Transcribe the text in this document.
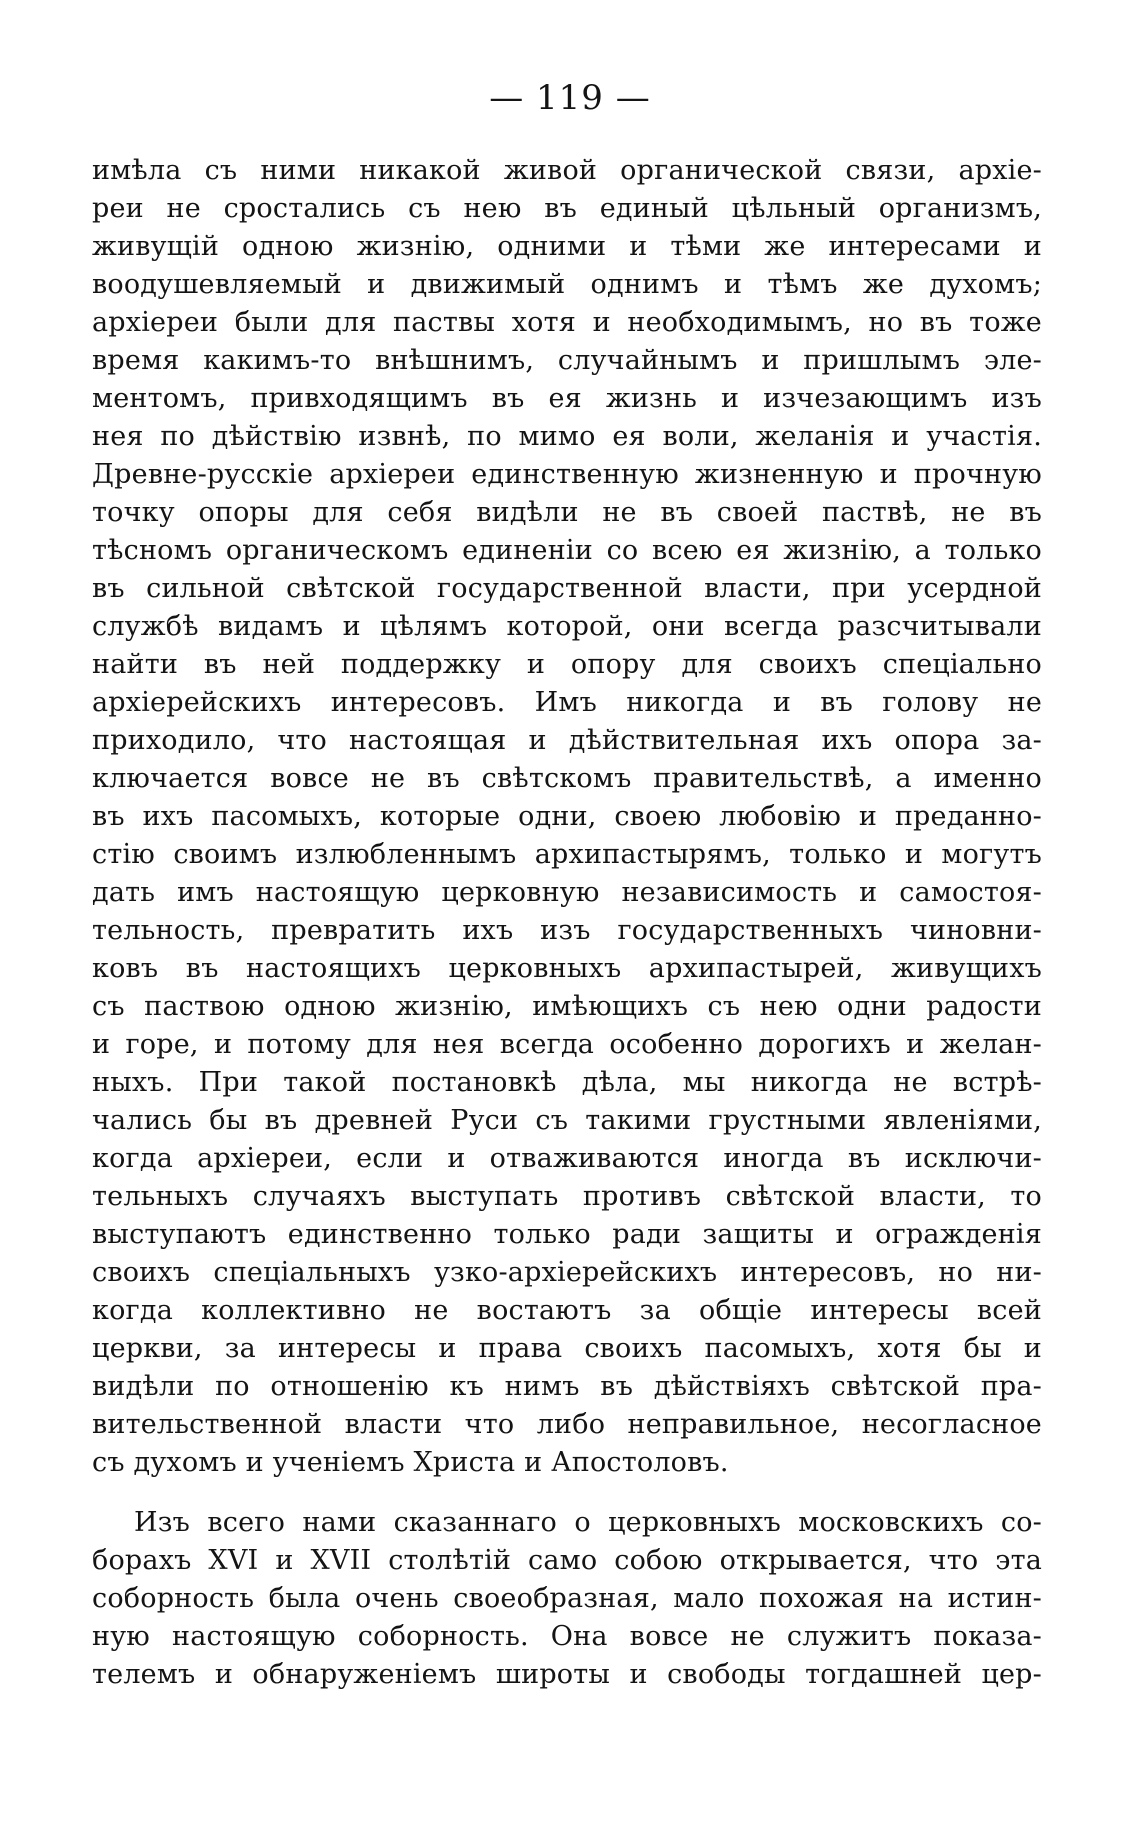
— 119 —
имѣла съ ними никакой живой органической связи, архіе-
реи не сростались съ нею въ единый цѣльный организмъ,
живущій одною жизнію, одними и тѣми же интересами и
воодушевляемый и движимый однимъ и тѣмъ же духомъ;
архіереи были для паствы хотя и необходимымъ, но въ тоже
время какимъ-то внѣшнимъ, случайнымъ и пришлымъ эле-
ментомъ, привходящимъ въ ея жизнь и изчезающимъ изъ
нея по дѣйствію извнѣ, по мимо ея воли, желанія и участія.
Древне-русскіе архіереи единственную жизненную и прочную
точку опоры для себя видѣли не въ своей паствѣ, не въ
тѣсномъ органическомъ единеніи со всею ея жизнію, а только
въ сильной свѣтской государственной власти, при усердной
службѣ видамъ и цѣлямъ которой, они всегда разсчитывали
найти въ ней поддержку и опору для своихъ спеціально
архіерейскихъ интересовъ. Имъ никогда и въ голову не
приходило, что настоящая и дѣйствительная ихъ опора за-
ключается вовсе не въ свѣтскомъ правительствѣ, а именно
въ ихъ пасомыхъ, которые одни, своею любовію и преданно-
стію своимъ излюбленнымъ архипастырямъ, только и могутъ
дать имъ настоящую церковную независимость и самостоя-
тельность, превратить ихъ изъ государственныхъ чиновни-
ковъ въ настоящихъ церковныхъ архипастырей, живущихъ
съ паствою одною жизнію, имѣющихъ съ нею одни радости
и горе, и потому для нея всегда особенно дорогихъ и желан-
ныхъ. При такой постановкѣ дѣла, мы никогда не встрѣ-
чались бы въ древней Руси съ такими грустными явленіями,
когда архіереи, если и отваживаются иногда въ исключи-
тельныхъ случаяхъ выступать противъ свѣтской власти, то
выступаютъ единственно только ради защиты и огражденія
своихъ спеціальныхъ узко-архіерейскихъ интересовъ, но ни-
когда коллективно не востаютъ за общіе интересы всей
церкви, за интересы и права своихъ пасомыхъ, хотя бы и
видѣли по отношенію къ нимъ въ дѣйствіяхъ свѣтской пра-
вительственной власти что либо неправильное, несогласное
съ духомъ и ученіемъ Христа и Апостоловъ.
Изъ всего нами сказаннаго о церковныхъ московскихъ со-
борахъ XVI и XVII столѣтій само собою открывается, что эта
соборность была очень своеобразная, мало похожая на истин-
ную настоящую соборность. Она вовсе не служитъ показа-
телемъ и обнаруженіемъ широты и свободы тогдашней цер-
